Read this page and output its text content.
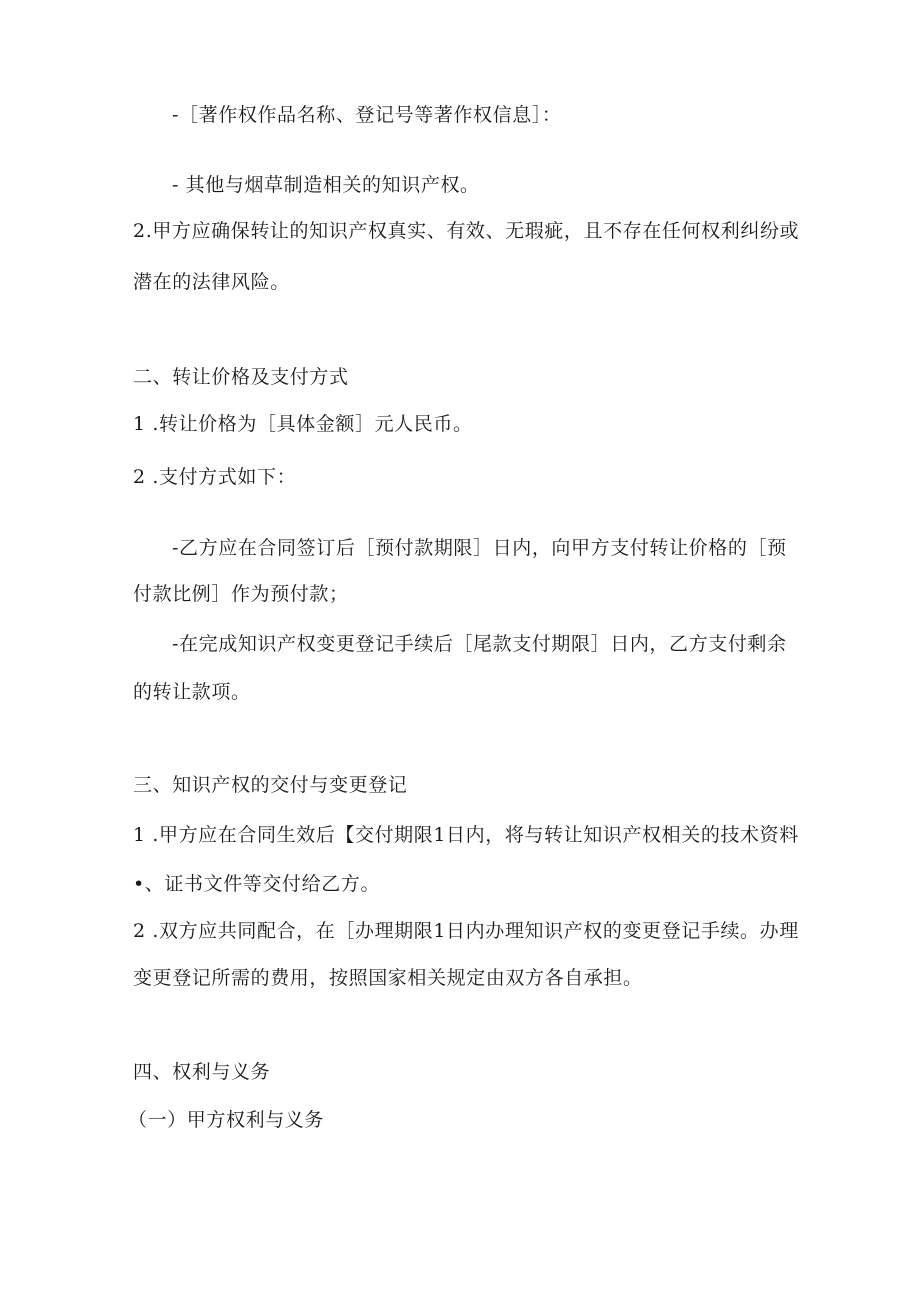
-［著作权作品名称、登记号等著作权信息］：
- 其他与烟草制造相关的知识产权。
2.甲方应确保转让的知识产权真实、有效、无瑕疵，且不存在任何权利纠纷或
潜在的法律风险。
二、转让价格及支付方式
1 .转让价格为［具体金额］元人民币。
2 .支付方式如下：
-乙方应在合同签订后［预付款期限］日内，向甲方支付转让价格的［预
付款比例］作为预付款；
-在完成知识产权变更登记手续后［尾款支付期限］日内，乙方支付剩余
的转让款项。
三、知识产权的交付与变更登记
1 .甲方应在合同生效后【交付期限1日内，将与转让知识产权相关的技术资料
•、证书文件等交付给乙方。
2 .双方应共同配合，在［办理期限1日内办理知识产权的变更登记手续。办理
变更登记所需的费用，按照国家相关规定由双方各自承担。
四、权利与义务
（一）甲方权利与义务
